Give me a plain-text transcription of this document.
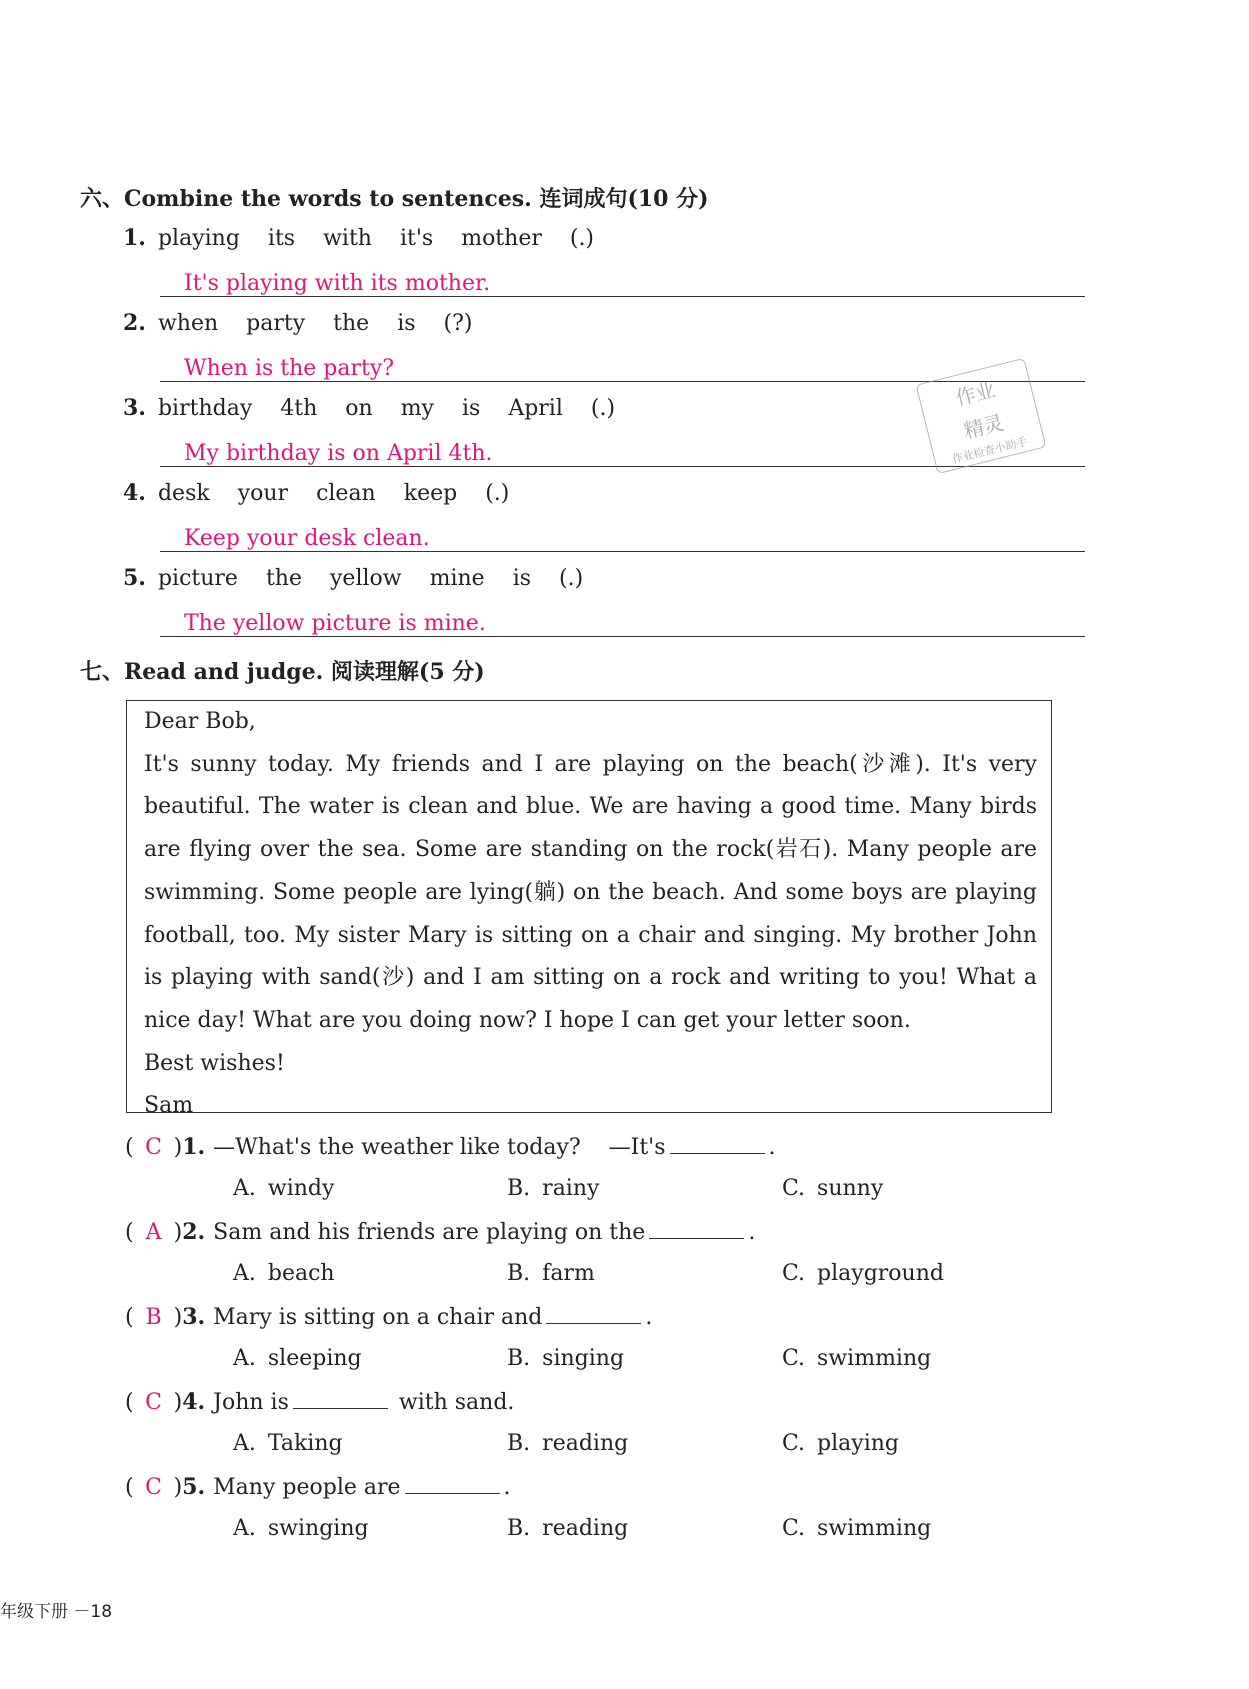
六、Combine the words to sentences. 连词成句(10 分)
1. playing its with it's mother (.)
It's playing with its mother.
2. when party the is (?)
When is the party?
3. birthday 4th on my is April (.)
My birthday is on April 4th.
4. desk your clean keep (.)
Keep your desk clean.
5. picture the yellow mine is (.)
The yellow picture is mine.
作业
精灵
作业检查小助手
七、Read and judge. 阅读理解(5 分)

Dear Bob,

It's sunny today. My friends and I are playing on the beach(沙滩). It's very beautiful. The water is clean and blue. We are having a good time. Many birds are flying over the sea. Some are standing on the rock(岩石). Many people are swimming. Some people are lying(躺) on the beach. And some boys are playing football, too. My sister Mary is sitting on a chair and singing. My brother John is playing with sand(沙) and I am sitting on a rock and writing to you! What a nice day! What are you doing now? I hope I can get your letter soon.

Best wishes!

Sam

( C )1. —What's the weather like today?    —It's	.
A. windy	B. rainy	C. sunny
( A )2. Sam and his friends are playing on the	.
A. beach	B. farm	C. playground
( B )3. Mary is sitting on a chair and	.
A. sleeping	B. singing	C. swimming
( C )4. John is	with sand.
A. Taking	B. reading	C. playing
( C )5. Many people are	.
A. swinging	B. reading	C. swimming
年级下册 －18
